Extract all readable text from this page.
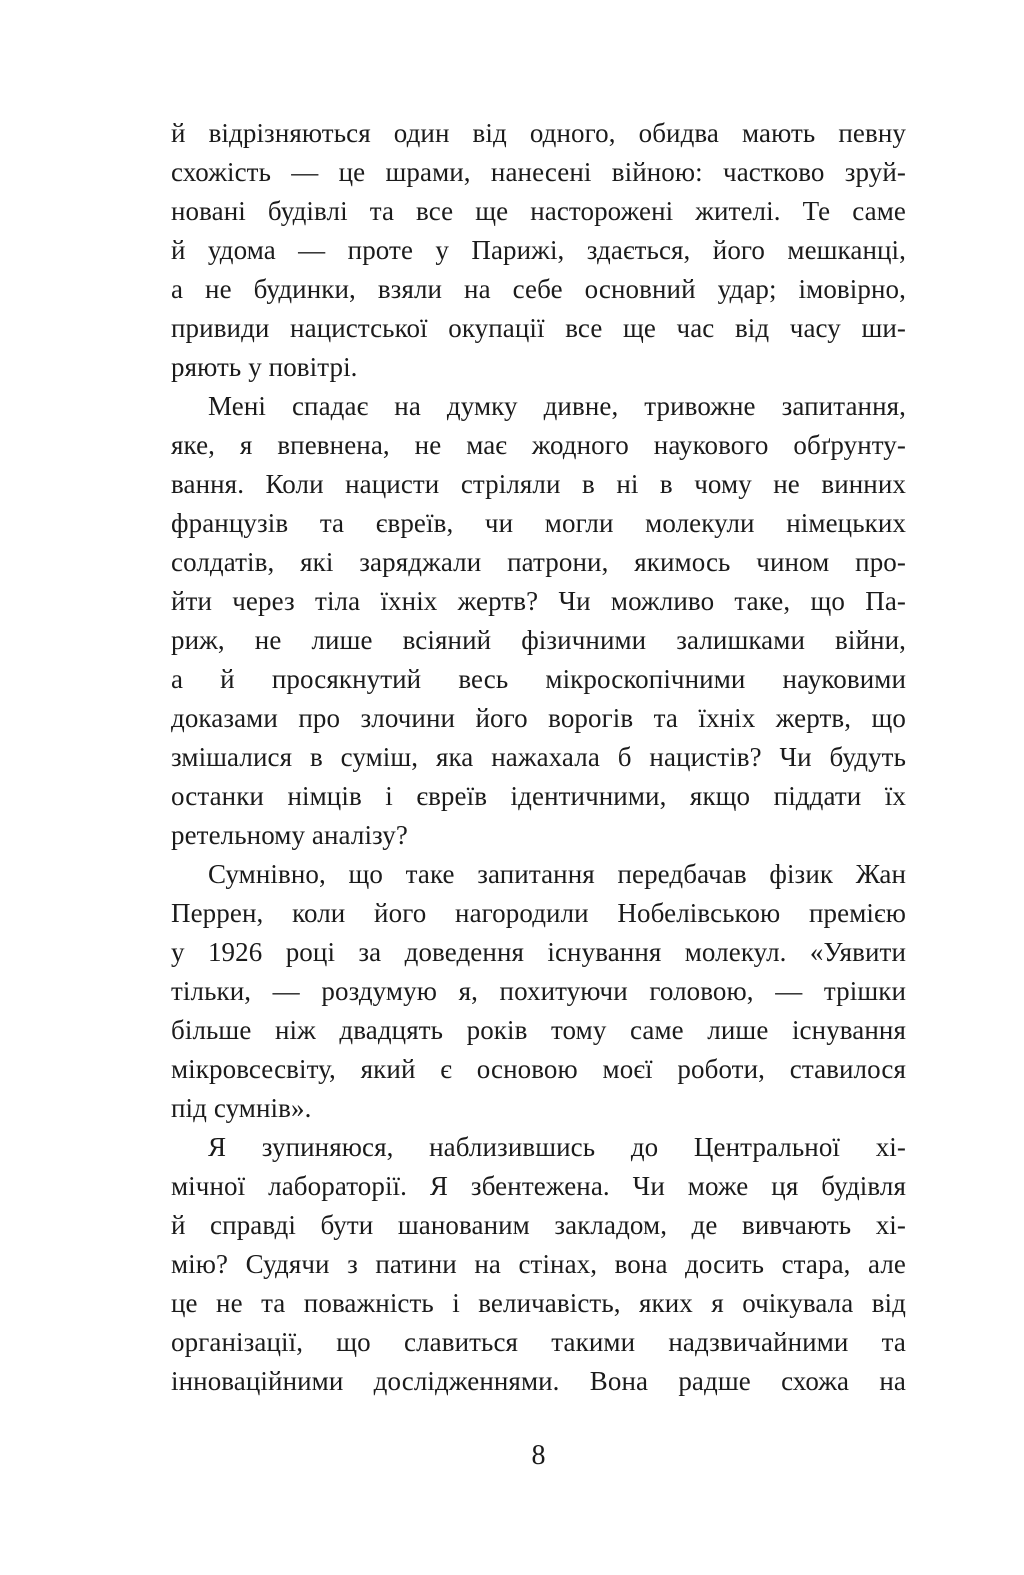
й відрізняються один від одного, обидва мають певну
схожість — це шрами, нанесені війною: частково зруй-
новані будівлі та все ще насторожені жителі. Те саме
й удома — проте у Парижі, здається, його мешканці,
а не будинки, взяли на себе основний удар; імовірно,
привиди нацистської окупації все ще час від часу ши-
ряють у повітрі.
Мені спадає на думку дивне, тривожне запитання,
яке, я впевнена, не має жодного наукового обґрунту-
вання. Коли нацисти стріляли в ні в чому не винних
французів та євреїв, чи могли молекули німецьких
солдатів, які заряджали патрони, якимось чином про-
йти через тіла їхніх жертв? Чи можливо таке, що Па-
риж, не лише всіяний фізичними залишками війни,
а й просякнутий весь мікроскопічними науковими
доказами про злочини його ворогів та їхніх жертв, що
змішалися в суміш, яка нажахала б нацистів? Чи будуть
останки німців і євреїв ідентичними, якщо піддати їх
ретельному аналізу?
Сумнівно, що таке запитання передбачав фізик Жан
Перрен, коли його нагородили Нобелівською премією
у 1926 році за доведення існування молекул. «Уявити
тільки, — роздумую я, похитуючи головою, — трішки
більше ніж двадцять років тому саме лише існування
мікровсесвіту, який є основою моєї роботи, ставилося
під сумнів».
Я зупиняюся, наблизившись до Центральної хі-
мічної лабораторії. Я збентежена. Чи може ця будівля
й справді бути шанованим закладом, де вивчають хі-
мію? Судячи з патини на стінах, вона досить стара, але
це не та поважність і величавість, яких я очікувала від
організації, що славиться такими надзвичайними та
інноваційними дослідженнями. Вона радше схожа на
8
